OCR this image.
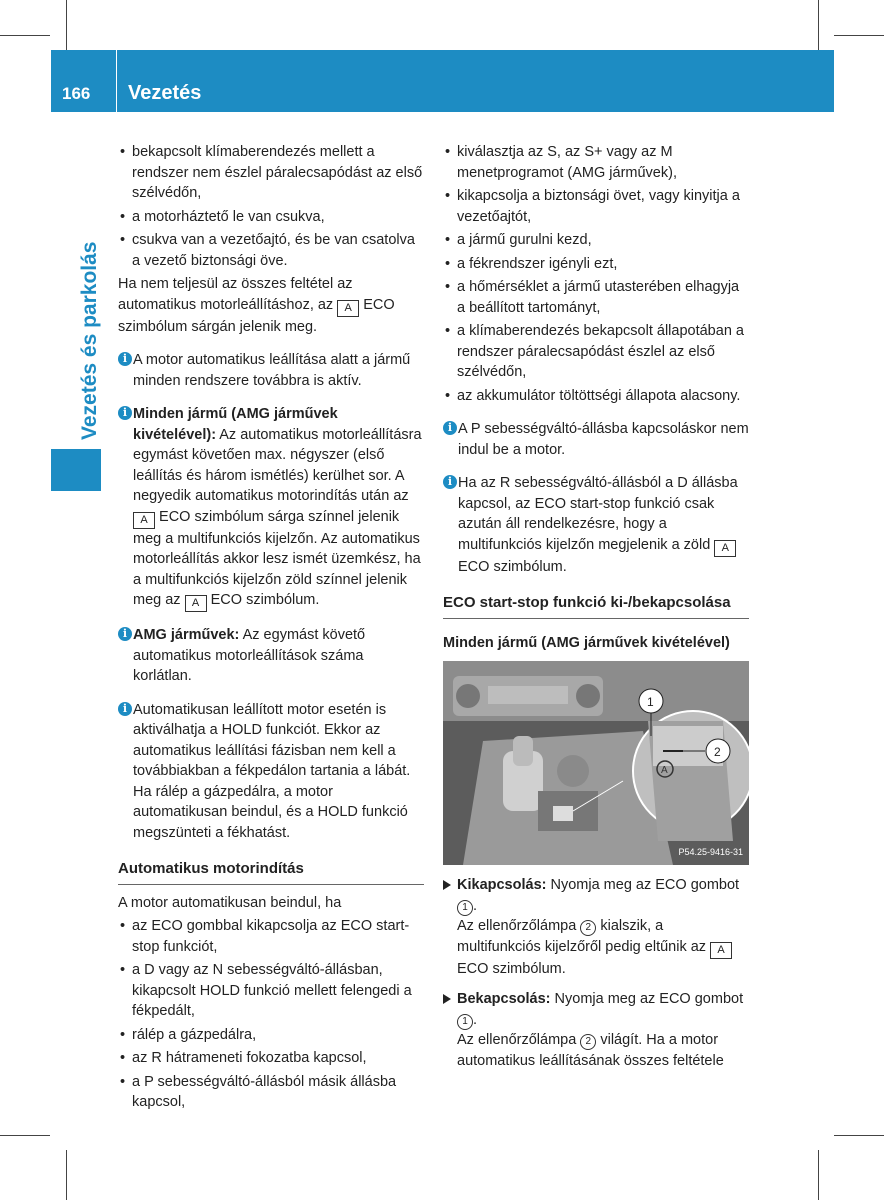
166 Vezetés
Vezetés és parkolás
• bekapcsolt klímaberendezés mellett a rendszer nem észlel páralecsapódást az első szélvédőn,
• a motorháztető le van csukva,
• csukva van a vezetőajtó, és be van csatolva a vezető biztonsági öve.
Ha nem teljesül az összes feltétel az automatikus motorleállításhoz, az A ECO szimbólum sárgán jelenik meg.
i A motor automatikus leállítása alatt a jármű minden rendszere továbbra is aktív.
i Minden jármű (AMG járművek kivételével): Az automatikus motorleállításra egymást követően max. négyszer (első leállítás és három ismétlés) kerülhet sor. A negyedik automatikus motorindítás után az A ECO szimbólum sárga színnel jelenik meg a multifunkciós kijelzőn. Az automatikus motorleállítás akkor lesz ismét üzemkész, ha a multifunkciós kijelzőn zöld színnel jelenik meg az A ECO szimbólum.
i AMG járművek: Az egymást követő automatikus motorleállítások száma korlátlan.
i Automatikusan leállított motor esetén is aktiválhatja a HOLD funkciót. Ekkor az automatikus leállítási fázisban nem kell a továbbiakban a fékpedálon tartania a lábát. Ha rálép a gázpedálra, a motor automatikusan beindul, és a HOLD funkció megszünteti a fékhatást.
Automatikus motorindítás
A motor automatikusan beindul, ha
• az ECO gombbal kikapcsolja az ECO start-stop funkciót,
• a D vagy az N sebességváltó-állásban, kikapcsolt HOLD funkció mellett felengedi a fékpedált,
• rálép a gázpedálra,
• az R hátrameneti fokozatba kapcsol,
• a P sebességváltó-állásból másik állásba kapcsol,
• kiválasztja az S, az S+ vagy az M menetprogramot (AMG járművek),
• kikapcsolja a biztonsági övet, vagy kinyitja a vezetőajtót,
• a jármű gurulni kezd,
• a fékrendszer igényli ezt,
• a hőmérséklet a jármű utasterében elhagyja a beállított tartományt,
• a klímaberendezés bekapcsolt állapotában a rendszer páralecsapódást észlel az első szélvédőn,
• az akkumulátor töltöttségi állapota alacsony.
i A P sebességváltó-állásba kapcsoláskor nem indul be a motor.
i Ha az R sebességváltó-állásból a D állásba kapcsol, az ECO start-stop funkció csak azután áll rendelkezésre, hogy a multifunkciós kijelzőn megjelenik a zöld A ECO szimbólum.
ECO start-stop funkció ki-/bekapcsolása
Minden jármű (AMG járművek kivételével)
A
1
2
P54.25-9416-31
Kikapcsolás: Nyomja meg az ECO gombot 1 .
Az ellenőrzőlámpa 2 kialszik, a multifunkciós kijelzőről pedig eltűnik az A ECO szimbólum.
Bekapcsolás: Nyomja meg az ECO gombot 1 .
Az ellenőrzőlámpa 2 világít. Ha a motor automatikus leállításának összes feltétele
